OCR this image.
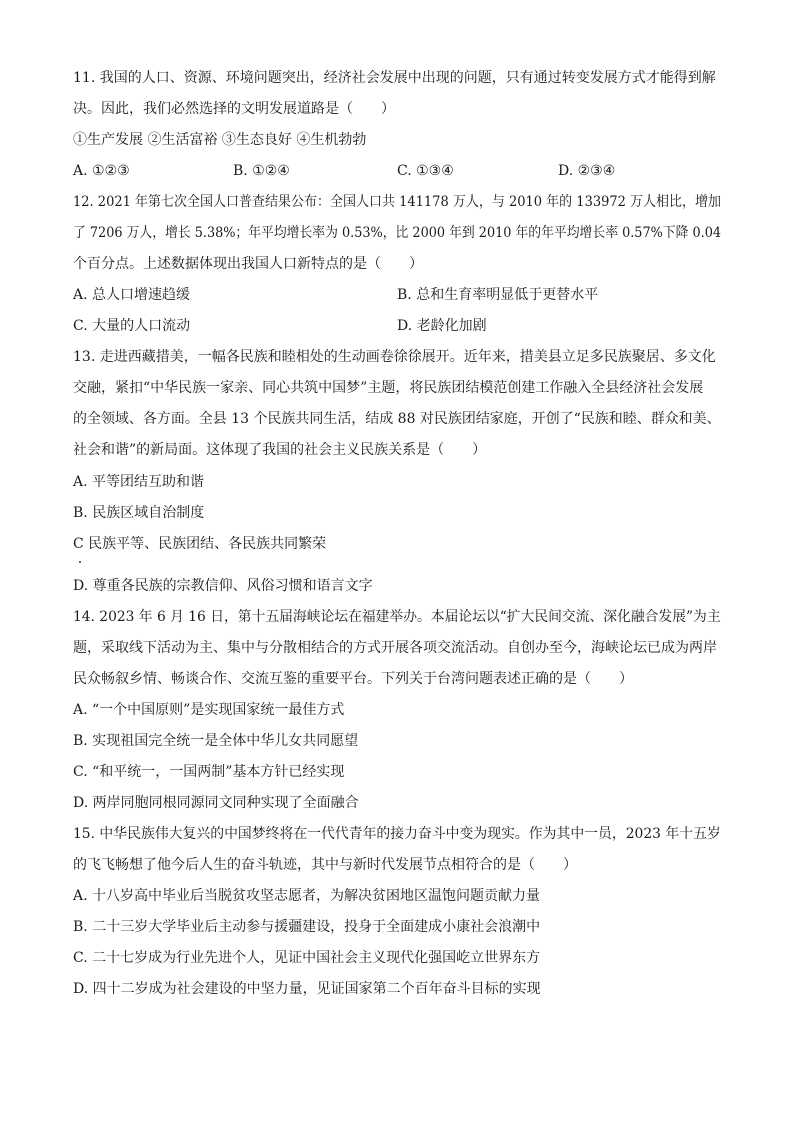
11. 我国的人口、资源、环境问题突出，经济社会发展中出现的问题，只有通过转变发展方式才能得到解
决。因此，我们必然选择的文明发展道路是（　　）
①生产发展 ②生活富裕 ③生态良好 ④生机勃勃
A. ①②③	B. ①②④	C. ①③④	D. ②③④
12. 2021 年第七次全国人口普查结果公布：全国人口共 141178 万人，与 2010 年的 133972 万人相比，增加
了 7206 万人，增长 5.38%；年平均增长率为 0.53%，比 2000 年到 2010 年的年平均增长率 0.57%下降 0.04
个百分点。上述数据体现出我国人口新特点的是（　　）
A. 总人口增速趋缓	B. 总和生育率明显低于更替水平
C. 大量的人口流动	D. 老龄化加剧
13. 走进西藏措美，一幅各民族和睦相处的生动画卷徐徐展开。近年来，措美县立足多民族聚居、多文化
交融，紧扣“中华民族一家亲、同心共筑中国梦”主题，将民族团结模范创建工作融入全县经济社会发展
的全领域、各方面。全县 13 个民族共同生活，结成 88 对民族团结家庭，开创了“民族和睦、群众和美、
社会和谐”的新局面。这体现了我国的社会主义民族关系是（　　）
A. 平等团结互助和谐
B. 民族区域自治制度
C 民族平等、民族团结、各民族共同繁荣
D. 尊重各民族的宗教信仰、风俗习惯和语言文字
14. 2023 年 6 月 16 日，第十五届海峡论坛在福建举办。本届论坛以“扩大民间交流、深化融合发展”为主
题，采取线下活动为主、集中与分散相结合的方式开展各项交流活动。自创办至今，海峡论坛已成为两岸
民众畅叙乡情、畅谈合作、交流互鉴的重要平台。下列关于台湾问题表述正确的是（　　）
A. “一个中国原则”是实现国家统一最佳方式
B. 实现祖国完全统一是全体中华儿女共同愿望
C. “和平统一，一国两制”基本方针已经实现
D. 两岸同胞同根同源同文同种实现了全面融合
15. 中华民族伟大复兴的中国梦终将在一代代青年的接力奋斗中变为现实。作为其中一员，2023 年十五岁
的飞飞畅想了他今后人生的奋斗轨迹，其中与新时代发展节点相符合的是（　　）
A. 十八岁高中毕业后当脱贫攻坚志愿者，为解决贫困地区温饱问题贡献力量
B. 二十三岁大学毕业后主动参与援疆建设，投身于全面建成小康社会浪潮中
C. 二十七岁成为行业先进个人，见证中国社会主义现代化强国屹立世界东方
D. 四十二岁成为社会建设的中坚力量，见证国家第二个百年奋斗目标的实现
